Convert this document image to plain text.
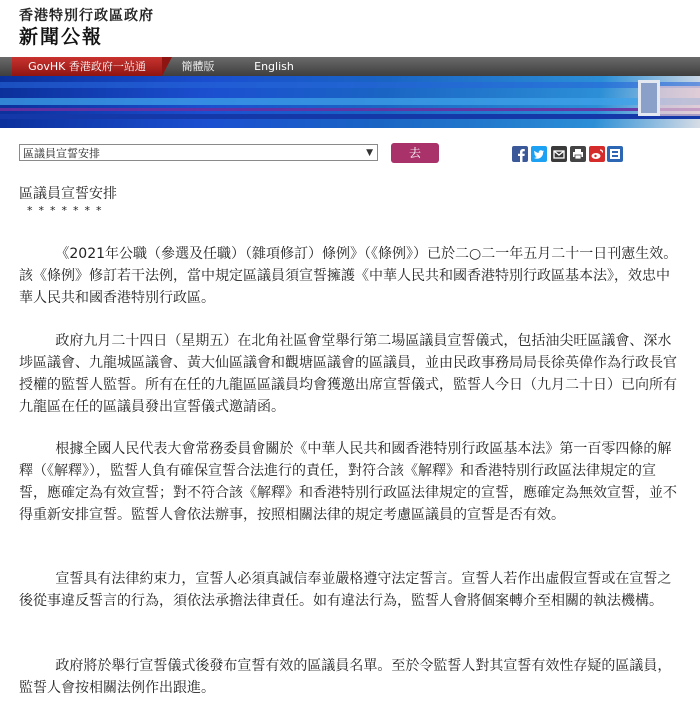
香港特別行政區政府
新聞公報
GovHK 香港政府一站通	簡體版	English
區議員宣誓安排	▼	去
區議員宣誓安排
*******

《2021年公職（參選及任職）（雜項修訂）條例》（《條例》）已於二○二一年五月二十一日刊憲生效。該《條例》修訂若干法例，當中規定區議員須宣誓擁護《中華人民共和國香港特別行政區基本法》，效忠中華人民共和國香港特別行政區。

政府九月二十四日（星期五）在北角社區會堂舉行第二場區議員宣誓儀式，包括油尖旺區議會、深水埗區議會、九龍城區議會、黃大仙區議會和觀塘區議會的區議員，並由民政事務局局長徐英偉作為行政長官授權的監誓人監誓。所有在任的九龍區區議員均會獲邀出席宣誓儀式，監誓人今日（九月二十日）已向所有九龍區在任的區議員發出宣誓儀式邀請函。

根據全國人民代表大會常務委員會關於《中華人民共和國香港特別行政區基本法》第一百零四條的解釋（《解釋》），監誓人負有確保宣誓合法進行的責任，對符合該《解釋》和香港特別行政區法律規定的宣誓，應確定為有效宣誓；對不符合該《解釋》和香港特別行政區法律規定的宣誓，應確定為無效宣誓，並不得重新安排宣誓。監誓人會依法辦事，按照相關法律的規定考慮區議員的宣誓是否有效。

宣誓具有法律約束力，宣誓人必須真誠信奉並嚴格遵守法定誓言。宣誓人若作出虛假宣誓或在宣誓之後從事違反誓言的行為，須依法承擔法律責任。如有違法行為，監誓人會將個案轉介至相關的執法機構。

政府將於舉行宣誓儀式後發布宣誓有效的區議員名單。至於令監誓人對其宣誓有效性存疑的區議員，監誓人會按相關法例作出跟進。
